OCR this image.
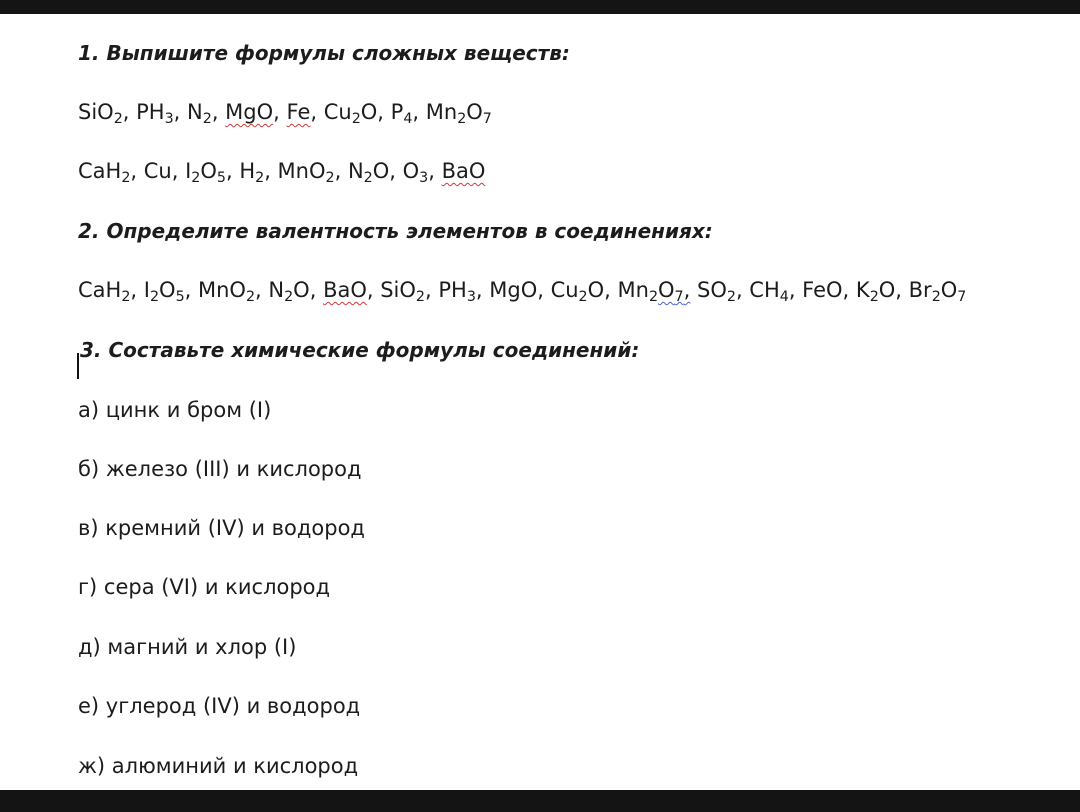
1. Выпишите формулы сложных веществ:
SiO$_2$, $PH_3$, $N_2$, MgO, Fe, $Cu_2O$, $P_4$, $Mn_2O_7$
CaH$_2$, Cu, $I_2O_5$, $H_2$, MnO$_2$, $N_2O$, $O_3$, BaO
2. Определите валентность элементов в соединениях:
CaH$_2$, $I_2O_5$, MnO$_2$, $N_2O$, BaO, SiO$_2$, $PH_3$, MgO, $Cu_2O$, $Mn_2O_7$, $SO_2$, $CH_4$, FeO, $K_2O$, $Br_2O_7$
3. Составьте химические формулы соединений:
а) цинк и бром (I)
б) железо (III) и кислород
в) кремний (IV) и водород
г) сера (VI) и кислород
д) магний и хлор (I)
е) углерод (IV) и водород
ж) алюминий и кислород
